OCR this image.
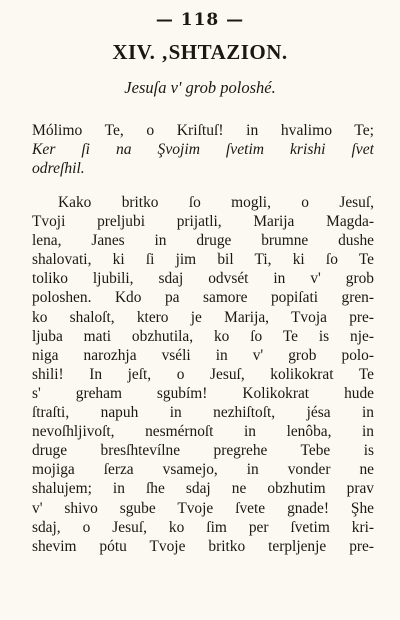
— 118 —
XIV. ‚SHTAZION.
Jesuſa v' grob poloshé.
Mólimo Te, o Kriſtuſ! in hvalimo Te;
Ker ſi na Şvojim ſvetim krishi ſvet
odreſhil.
Kako britko ſo mogli, o Jesuſ,
Tvoji preljubi prijatli, Marija Magda-
lena, Janes in druge brumne dushe
shalovati, ki ſi jim bil Ti, ki ſo Te
toliko ljubili, sdaj odvsét in v' grob
poloshen. Kdo pa samore popiſati gren-
ko shaloſt, ktero je Marija, Tvoja pre-
ljuba mati obzhutila, ko ſo Te is nje-
niga narozhja vséli in v' grob polo-
shili! In jeſt, o Jesuſ, kolikokrat Te
s' greham sgubím! Kolikokrat hude
ſtraſti, napuh in nezhiſtoſt, jésa in
nevoſhljivoſt, nesmérnoſt in lenôba, in
druge bresſhtevílne pregrehe Tebe is
mojiga ſerza vsamejo, in vonder ne
shalujem; in ſhe sdaj ne obzhutim prav
v' shivo sgube Tvoje ſvete gnade! Şhe
sdaj, o Jesuſ, ko ſim per ſvetim kri-
shevim pótu Tvoje britko terpljenje pre-
